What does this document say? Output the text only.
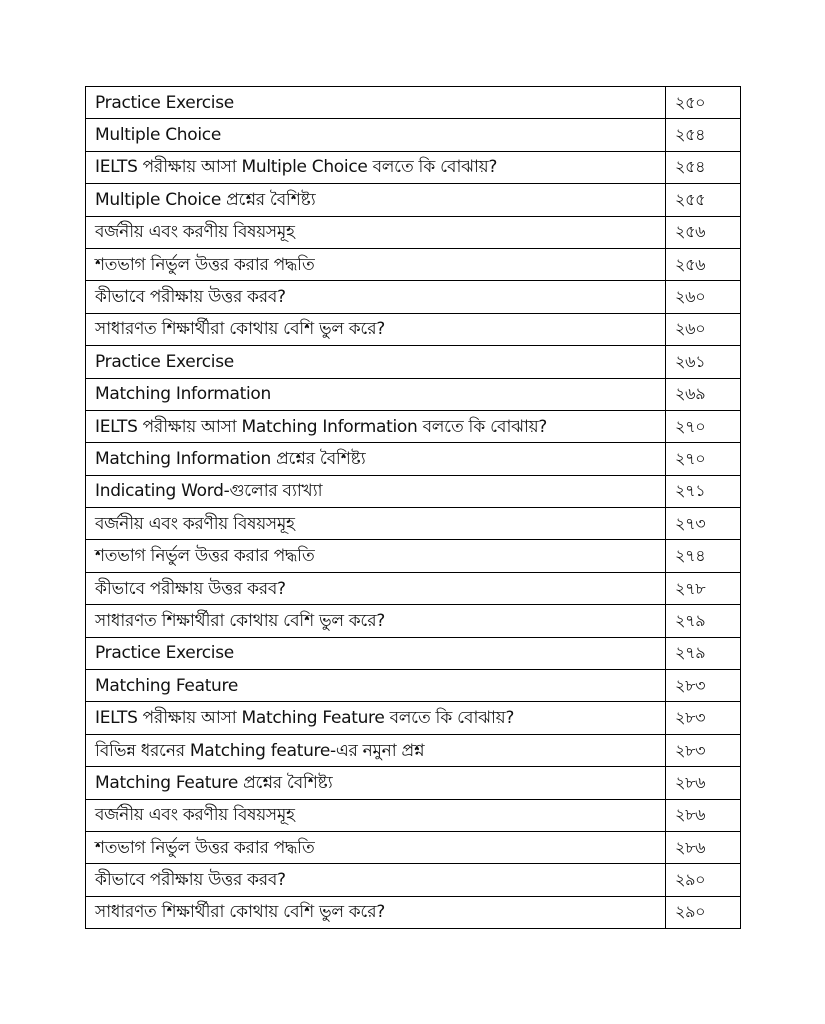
Practice Exercise	২৫০
Multiple Choice	২৫৪
IELTS পরীক্ষায় আসা Multiple Choice বলতে কি বোঝায়?	২৫৪
Multiple Choice প্রশ্নের বৈশিষ্ট্য	২৫৫
বর্জনীয় এবং করণীয় বিষয়সমূহ	২৫৬
শতভাগ নির্ভুল উত্তর করার পদ্ধতি	২৫৬
কীভাবে পরীক্ষায় উত্তর করব?	২৬০
সাধারণত শিক্ষার্থীরা কোথায় বেশি ভুল করে?	২৬০
Practice Exercise	২৬১
Matching Information	২৬৯
IELTS পরীক্ষায় আসা Matching Information বলতে কি বোঝায়?	২৭০
Matching Information প্রশ্নের বৈশিষ্ট্য	২৭০
Indicating Word-গুলোর ব্যাখ্যা	২৭১
বর্জনীয় এবং করণীয় বিষয়সমূহ	২৭৩
শতভাগ নির্ভুল উত্তর করার পদ্ধতি	২৭৪
কীভাবে পরীক্ষায় উত্তর করব?	২৭৮
সাধারণত শিক্ষার্থীরা কোথায় বেশি ভুল করে?	২৭৯
Practice Exercise	২৭৯
Matching Feature	২৮৩
IELTS পরীক্ষায় আসা Matching Feature বলতে কি বোঝায়?	২৮৩
বিভিন্ন ধরনের Matching feature-এর নমুনা প্রশ্ন	২৮৩
Matching Feature প্রশ্নের বৈশিষ্ট্য	২৮৬
বর্জনীয় এবং করণীয় বিষয়সমূহ	২৮৬
শতভাগ নির্ভুল উত্তর করার পদ্ধতি	২৮৬
কীভাবে পরীক্ষায় উত্তর করব?	২৯০
সাধারণত শিক্ষার্থীরা কোথায় বেশি ভুল করে?	২৯০
